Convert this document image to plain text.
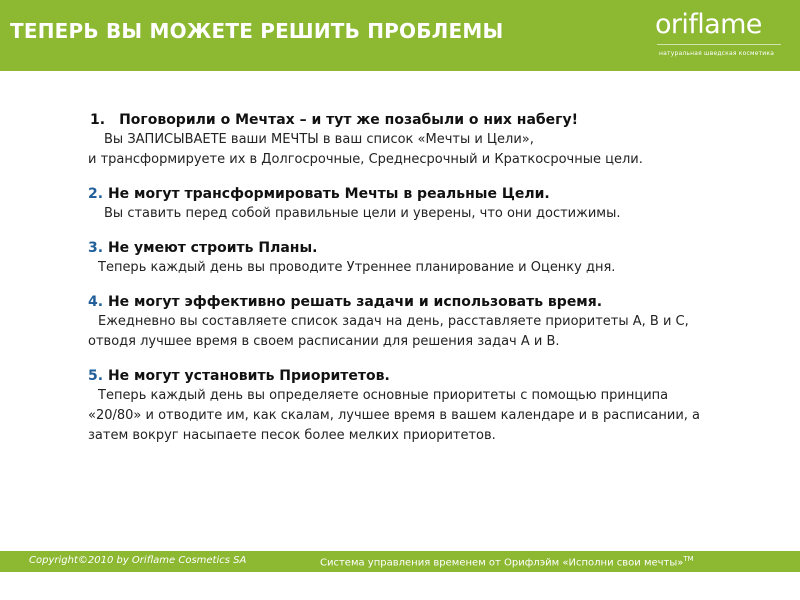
ТЕПЕРЬ ВЫ МОЖЕТЕ РЕШИТЬ ПРОБЛЕМЫ	oriflame
натуральная шведская косметика
1. Поговорили о Мечтах – и тут же позабыли о них набегу!
Вы ЗАПИСЫВАЕТЕ ваши МЕЧТЫ в ваш список «Мечты и Цели»,
и трансформируете их в Долгосрочные, Среднесрочный и Краткосрочные цели.
2. Не могут трансформировать Мечты в реальные Цели.
Вы ставить перед собой правильные цели и уверены, что они достижимы.
3. Не умеют строить Планы.
Теперь каждый день вы проводите Утреннее планирование и Оценку дня.
4. Не могут эффективно решать задачи и использовать время.
Ежедневно вы составляете список задач на день, расставляете приоритеты А, В и С,
отводя лучшее время в своем расписании для решения задач А и В.
5. Не могут установить Приоритетов.
Теперь каждый день вы определяете основные приоритеты с помощью принципа
«20/80» и отводите им, как скалам, лучшее время в вашем календаре и в расписании, а
затем вокруг насыпаете песок более мелких приоритетов.
Copyright©2010 by Oriflame Cosmetics SA	Система управления временем от Орифлэйм «Исполни свои мечты»™
